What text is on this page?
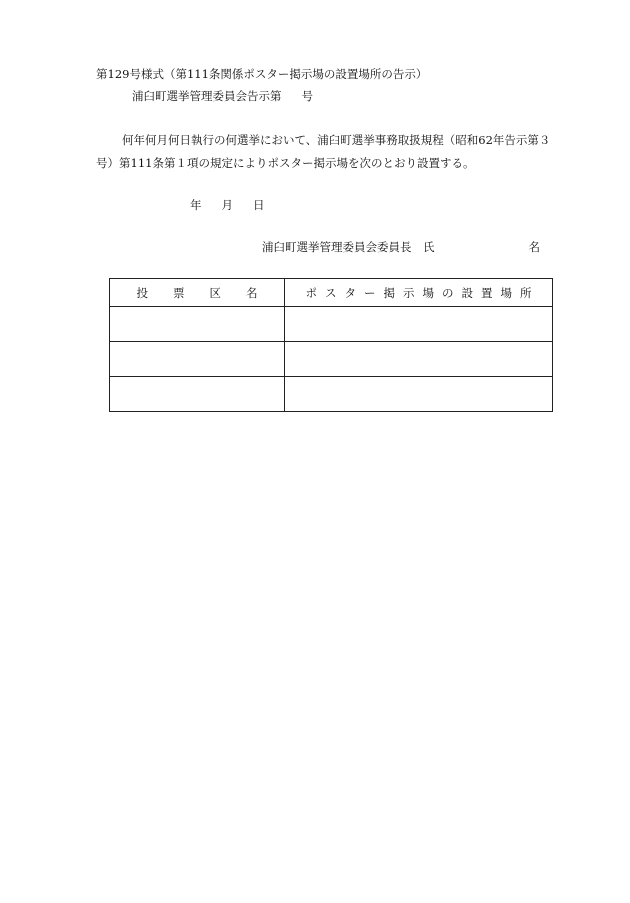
第129号様式（第111条関係ポスター掲示場の設置場所の告示）
浦臼町選挙管理委員会告示第 号
何年何月何日執行の何選挙において、浦臼町選挙事務取扱規程（昭和62年告示第３
号）第111条第１項の規定によりポスター掲示場を次のとおり設置する。
年 月 日
浦臼町選挙管理委員会委員長　氏	名
投票区名	ポスター掲示場の設置場所
